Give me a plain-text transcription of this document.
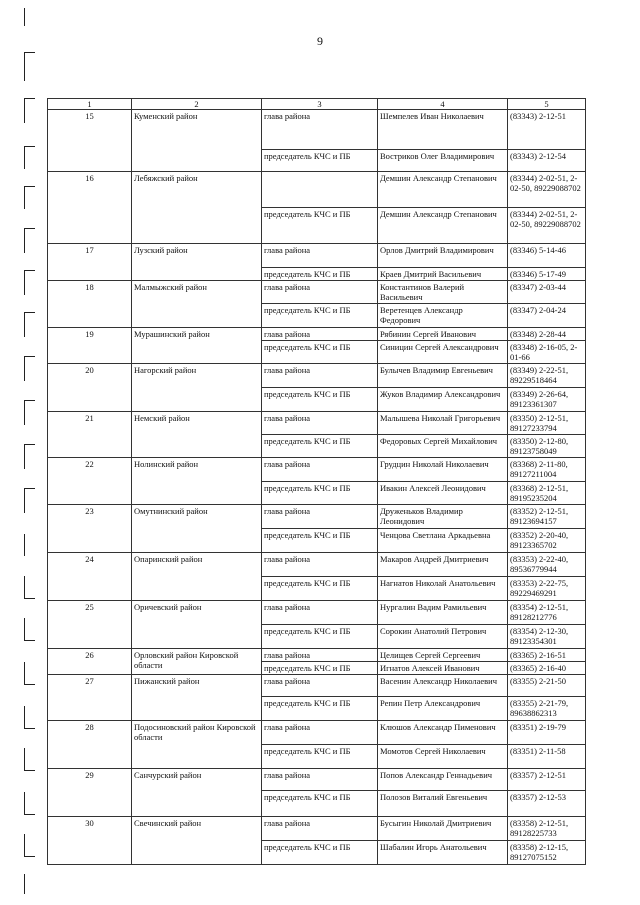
9
1	2	3	4	5
15	Куменский район	глава района	Шемпелев Иван Николаевич	(83343) 2-12-51
		председатель КЧС и ПБ	Востриков Олег Владимирович	(83343) 2-12-54
16	Лебяжский район		Демшин Александр Степанович	(83344) 2-02-51, 2-02-50, 89229088702
		председатель КЧС и ПБ	Демшин Александр Степанович	(83344) 2-02-51, 2-02-50, 89229088702
17	Лузский район	глава района	Орлов Дмитрий Владимирович	(83346) 5-14-46
		председатель КЧС и ПБ	Краев Дмитрий Васильевич	(83346) 5-17-49
18	Малмыжский район	глава района	Константинов Валерий Васильевич	(83347) 2-03-44
		председатель КЧС и ПБ	Веретенцев Александр Федорович	(83347) 2-04-24
19	Мурашинский район	глава района	Рябинин Сергей Иванович	(83348) 2-28-44
		председатель КЧС и ПБ	Синицин Сергей Александрович	(83348) 2-16-05, 2-01-66
20	Нагорский район	глава района	Булычев Владимир Евгеньевич	(83349) 2-22-51, 89229518464
		председатель КЧС и ПБ	Жуков Владимир Александрович	(83349) 2-26-64, 89123361307
21	Немский район	глава района	Малышева Николай Григорьевич	(83350) 2-12-51, 89127233794
		председатель КЧС и ПБ	Федоровых Сергей Михайлович	(83350) 2-12-80, 89123758049
22	Нолинский район	глава района	Грудцин Николай Николаевич	(83368) 2-11-80, 89127211004
		председатель КЧС и ПБ	Ивакин Алексей Леонидович	(83368) 2-12-51, 89195235204
23	Омутнинский район	глава района	Друженьков Владимир Леонидович	(83352) 2-12-51, 89123694157
		председатель КЧС и ПБ	Ченцова Светлана Аркадьевна	(83352) 2-20-40, 89123365702
24	Опаринский район	глава района	Макаров Андрей Дмитриевич	(83353) 2-22-40, 89536779944
		председатель КЧС и ПБ	Нагнатов Николай Анатольевич	(83353) 2-22-75, 89229469291
25	Оричевский район	глава района	Нургалин Вадим Рамильевич	(83354) 2-12-51, 89128212776
		председатель КЧС и ПБ	Сорокин Анатолий Петрович	(83354) 2-12-30, 89123354301
26	Орловский район Кировской области	глава района	Целищев Сергей Сергеевич	(83365) 2-16-51
		председатель КЧС и ПБ	Игнатов Алексей Иванович	(83365) 2-16-40
27	Пижанский район	глава района	Васенин Александр Николаевич	(83355) 2-21-50
		председатель КЧС и ПБ	Репин Петр Александрович	(83355) 2-21-79, 89638862313
28	Подосиновский район Кировской области	глава района	Клюшов Александр Пименович	(83351) 2-19-79
		председатель КЧС и ПБ	Момотов Сергей Николаевич	(83351) 2-11-58
29	Санчурский район	глава района	Попов Александр Геннадьевич	(83357) 2-12-51
		председатель КЧС и ПБ	Полозов Виталий Евгеньевич	(83357) 2-12-53
30	Свечинский район	глава района	Бусыгин Николай Дмитриевич	(83358) 2-12-51, 89128225733
		председатель КЧС и ПБ	Шабалин Игорь Анатольевич	(83358) 2-12-15, 89127075152
